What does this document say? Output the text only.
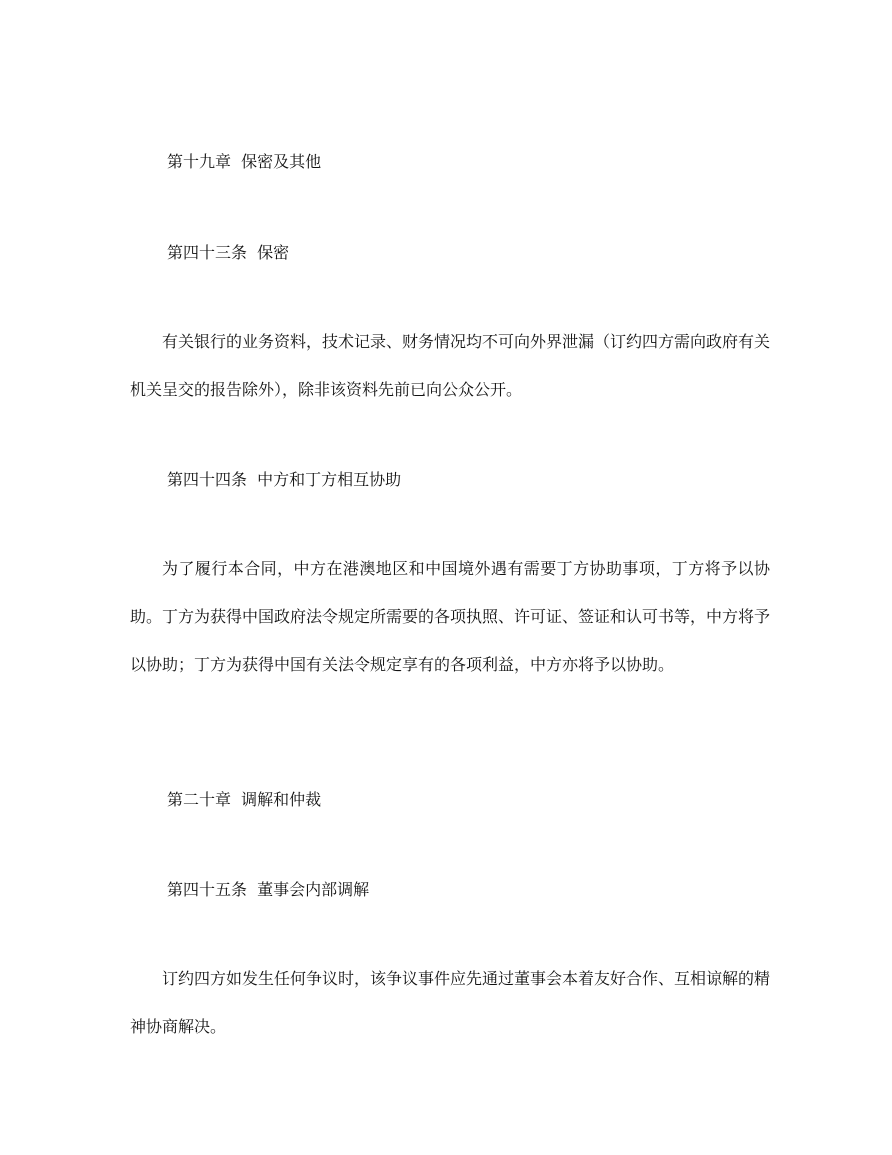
第十九章  保密及其他
第四十三条  保密

有关银行的业务资料，技术记录、财务情况均不可向外界泄漏（订约四方需向政府有关机关呈交的报告除外），除非该资料先前已向公众公开。

第四十四条  中方和丁方相互协助

为了履行本合同，中方在港澳地区和中国境外遇有需要丁方协助事项，丁方将予以协助。丁方为获得中国政府法令规定所需要的各项执照、许可证、签证和认可书等，中方将予以协助；丁方为获得中国有关法令规定享有的各项利益，中方亦将予以协助。

第二十章  调解和仲裁
第四十五条  董事会内部调解

订约四方如发生任何争议时，该争议事件应先通过董事会本着友好合作、互相谅解的精神协商解决。
